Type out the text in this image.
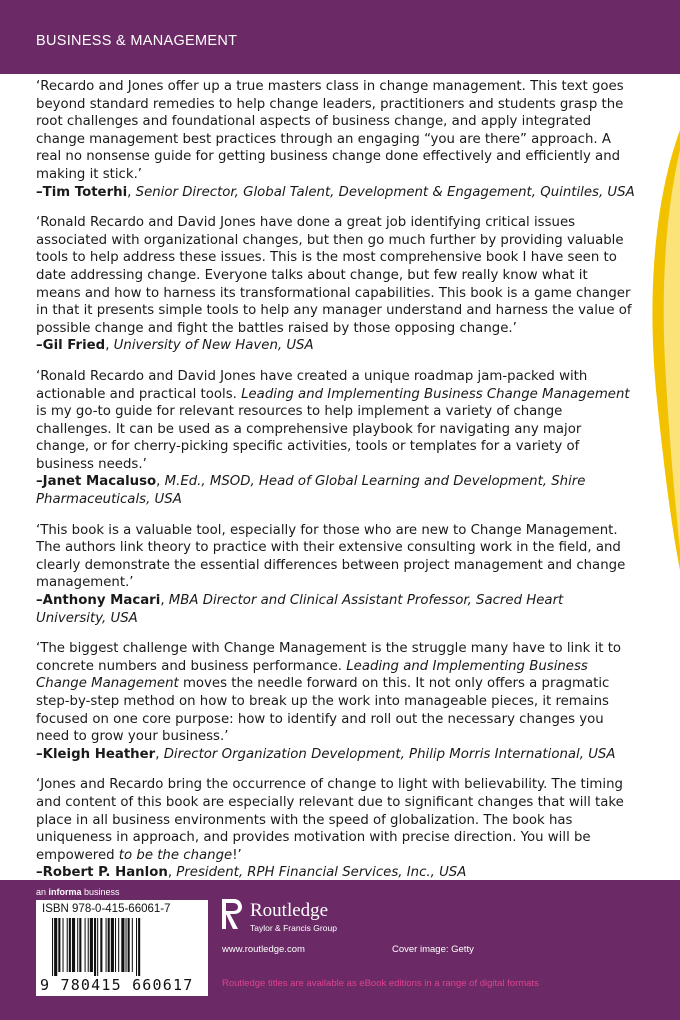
BUSINESS & MANAGEMENT

‘Recardo and Jones offer up a true masters class in change management. This text goes beyond standard remedies to help change leaders, practitioners and students grasp the root challenges and foundational aspects of business change, and apply integrated change management best practices through an engaging “you are there” approach. A real no nonsense guide for getting business change done effectively and efficiently and making it stick.’

–Tim Toterhi, Senior Director, Global Talent, Development & Engagement, Quintiles, USA

‘Ronald Recardo and David Jones have done a great job identifying critical issues associated with organizational changes, but then go much further by providing valuable tools to help address these issues. This is the most comprehensive book I have seen to date addressing change. Everyone talks about change, but few really know what it means and how to harness its transformational capabilities. This book is a game changer in that it presents simple tools to help any manager understand and harness the value of possible change and fight the battles raised by those opposing change.’

–Gil Fried, University of New Haven, USA

‘Ronald Recardo and David Jones have created a unique roadmap jam-packed with actionable and practical tools. Leading and Implementing Business Change Management is my go-to guide for relevant resources to help implement a variety of change challenges. It can be used as a comprehensive playbook for navigating any major change, or for cherry-picking specific activities, tools or templates for a variety of business needs.’

–Janet Macaluso, M.Ed., MSOD, Head of Global Learning and Development, Shire Pharmaceuticals, USA

‘This book is a valuable tool, especially for those who are new to Change Management. The authors link theory to practice with their extensive consulting work in the field, and clearly demonstrate the essential differences between project management and change management.’

–Anthony Macari, MBA Director and Clinical Assistant Professor, Sacred Heart University, USA

‘The biggest challenge with Change Management is the struggle many have to link it to concrete numbers and business performance. Leading and Implementing Business Change Management moves the needle forward on this. It not only offers a pragmatic step-by-step method on how to break up the work into manageable pieces, it remains focused on one core purpose: how to identify and roll out the necessary changes you need to grow your business.’

–Kleigh Heather, Director Organization Development, Philip Morris International, USA

‘Jones and Recardo bring the occurrence of change to light with believability. The timing and content of this book are especially relevant due to significant changes that will take place in all business environments with the speed of globalization. The book has uniqueness in approach, and provides motivation with precise direction. You will be empowered to be the change!’

–Robert P. Hanlon, President, RPH Financial Services, Inc., USA

an informa business
ISBN 978-0-415-66061-7
9 780415 660617
Routledge
Taylor & Francis Group
www.routledge.com	Cover image: Getty
Routledge titles are available as eBook editions in a range of digital formats
